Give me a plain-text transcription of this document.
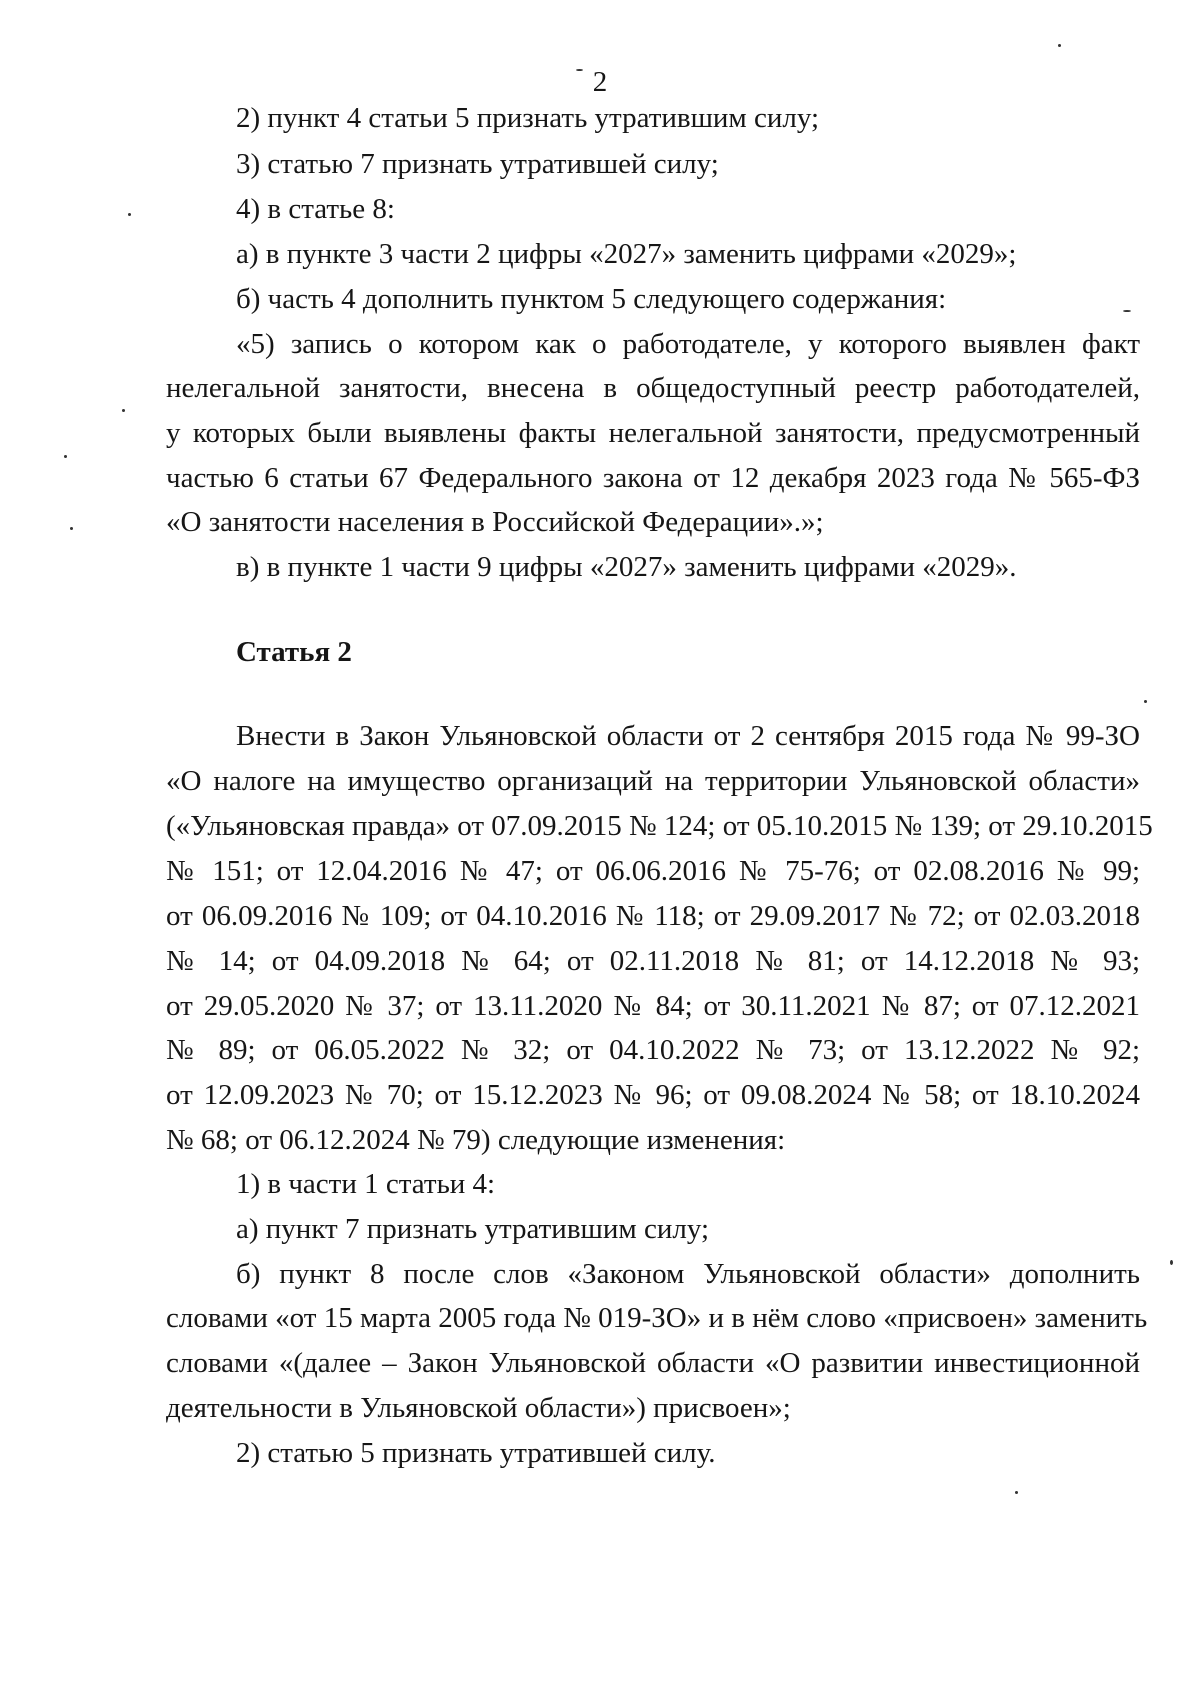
2
2) пункт 4 статьи 5 признать утратившим силу;
3) статью 7 признать утратившей силу;
4) в статье 8:
а) в пункте 3 части 2 цифры «2027» заменить цифрами «2029»;
б) часть 4 дополнить пунктом 5 следующего содержания:
«5) запись о котором как о работодателе, у которого выявлен факт
нелегальной занятости, внесена в общедоступный реестр работодателей,
у которых были выявлены факты нелегальной занятости, предусмотренный
частью 6 статьи 67 Федерального закона от 12 декабря 2023 года № 565-ФЗ
«О занятости населения в Российской Федерации».»;
в) в пункте 1 части 9 цифры «2027» заменить цифрами «2029».
Статья 2
Внести в Закон Ульяновской области от 2 сентября 2015 года № 99-ЗО
«О налоге на имущество организаций на территории Ульяновской области»
(«Ульяновская правда» от 07.09.2015 № 124; от 05.10.2015 № 139; от 29.10.2015
№ 151; от 12.04.2016 № 47; от 06.06.2016 № 75-76; от 02.08.2016 № 99;
от 06.09.2016 № 109; от 04.10.2016 № 118; от 29.09.2017 № 72; от 02.03.2018
№ 14; от 04.09.2018 № 64; от 02.11.2018 № 81; от 14.12.2018 № 93;
от 29.05.2020 № 37; от 13.11.2020 № 84; от 30.11.2021 № 87; от 07.12.2021
№ 89; от 06.05.2022 № 32; от 04.10.2022 № 73; от 13.12.2022 № 92;
от 12.09.2023 № 70; от 15.12.2023 № 96; от 09.08.2024 № 58; от 18.10.2024
№ 68; от 06.12.2024 № 79) следующие изменения:
1) в части 1 статьи 4:
а) пункт 7 признать утратившим силу;
б) пункт 8 после слов «Законом Ульяновской области» дополнить
словами «от 15 марта 2005 года № 019-ЗО» и в нём слово «присвоен» заменить
словами «(далее – Закон Ульяновской области «О развитии инвестиционной
деятельности в Ульяновской области») присвоен»;
2) статью 5 признать утратившей силу.
